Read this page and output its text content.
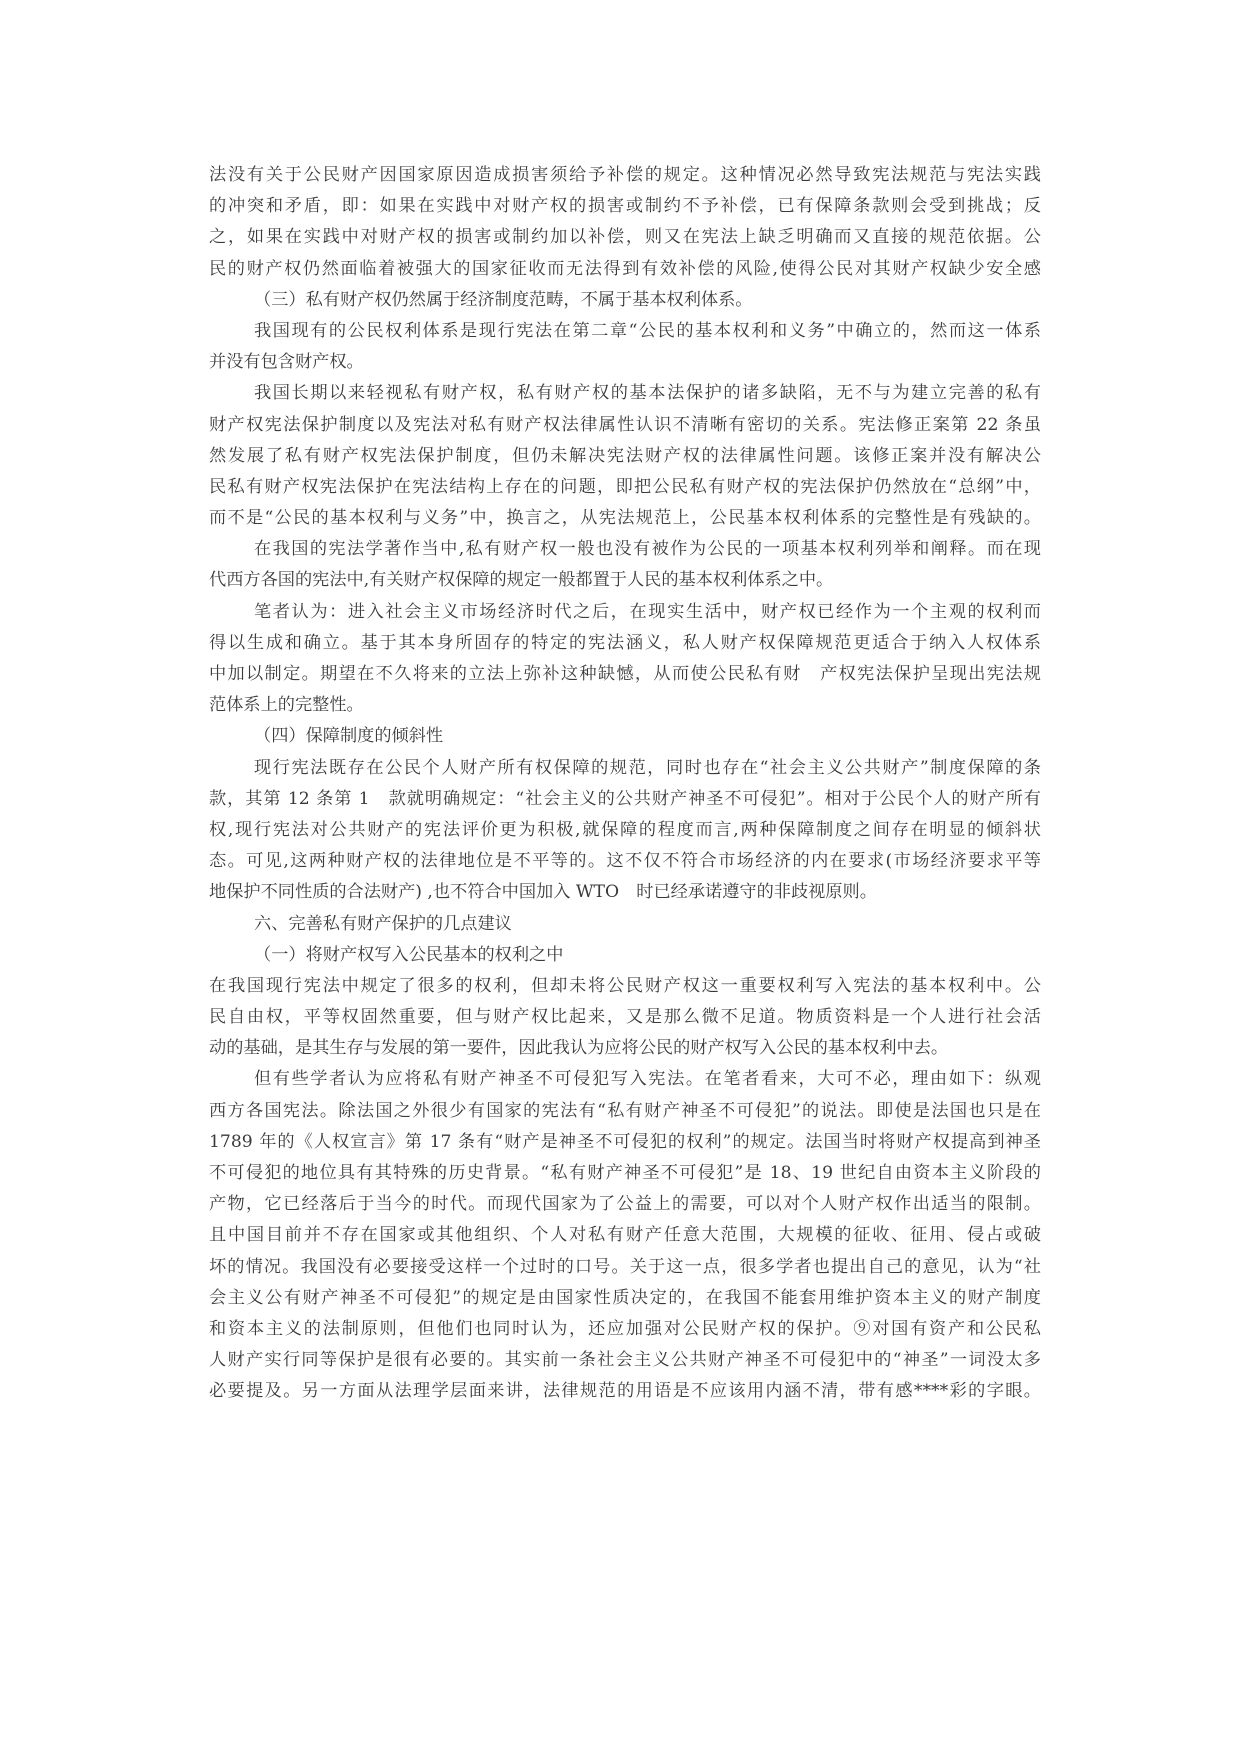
法没有关于公民财产因国家原因造成损害须给予补偿的规定。这种情况必然导致宪法规范与宪法实践
的冲突和矛盾，即：如果在实践中对财产权的损害或制约不予补偿，已有保障条款则会受到挑战；反
之，如果在实践中对财产权的损害或制约加以补偿，则又在宪法上缺乏明确而又直接的规范依据。公
民的财产权仍然面临着被强大的国家征收而无法得到有效补偿的风险,使得公民对其财产权缺少安全感
（三）私有财产权仍然属于经济制度范畴，不属于基本权利体系。
我国现有的公民权利体系是现行宪法在第二章“公民的基本权利和义务”中确立的，然而这一体系
并没有包含财产权。
我国长期以来轻视私有财产权，私有财产权的基本法保护的诸多缺陷，无不与为建立完善的私有
财产权宪法保护制度以及宪法对私有财产权法律属性认识不清晰有密切的关系。宪法修正案第 22 条虽
然发展了私有财产权宪法保护制度，但仍未解决宪法财产权的法律属性问题。该修正案并没有解决公
民私有财产权宪法保护在宪法结构上存在的问题，即把公民私有财产权的宪法保护仍然放在“总纲”中，
而不是“公民的基本权利与义务”中，换言之，从宪法规范上，公民基本权利体系的完整性是有残缺的。
在我国的宪法学著作当中,私有财产权一般也没有被作为公民的一项基本权利列举和阐释。而在现
代西方各国的宪法中,有关财产权保障的规定一般都置于人民的基本权利体系之中。
笔者认为：进入社会主义市场经济时代之后，在现实生活中，财产权已经作为一个主观的权利而
得以生成和确立。基于其本身所固存的特定的宪法涵义，私人财产权保障规范更适合于纳入人权体系
中加以制定。期望在不久将来的立法上弥补这种缺憾，从而使公民私有财　产权宪法保护呈现出宪法规
范体系上的完整性。
（四）保障制度的倾斜性
现行宪法既存在公民个人财产所有权保障的规范，同时也存在“社会主义公共财产”制度保障的条
款，其第 12 条第 1　款就明确规定：“社会主义的公共财产神圣不可侵犯”。相对于公民个人的财产所有
权,现行宪法对公共财产的宪法评价更为积极,就保障的程度而言,两种保障制度之间存在明显的倾斜状
态。可见,这两种财产权的法律地位是不平等的。这不仅不符合市场经济的内在要求(市场经济要求平等
地保护不同性质的合法财产) ,也不符合中国加入 WTO　时已经承诺遵守的非歧视原则。
六、完善私有财产保护的几点建议
（一）将财产权写入公民基本的权利之中
在我国现行宪法中规定了很多的权利，但却未将公民财产权这一重要权利写入宪法的基本权利中。公
民自由权，平等权固然重要，但与财产权比起来，又是那么微不足道。物质资料是一个人进行社会活
动的基础，是其生存与发展的第一要件，因此我认为应将公民的财产权写入公民的基本权利中去。
但有些学者认为应将私有财产神圣不可侵犯写入宪法。在笔者看来，大可不必，理由如下：纵观
西方各国宪法。除法国之外很少有国家的宪法有“私有财产神圣不可侵犯”的说法。即使是法国也只是在
1789 年的《人权宣言》第 17 条有“财产是神圣不可侵犯的权利”的规定。法国当时将财产权提高到神圣
不可侵犯的地位具有其特殊的历史背景。“私有财产神圣不可侵犯”是 18、19 世纪自由资本主义阶段的
产物，它已经落后于当今的时代。而现代国家为了公益上的需要，可以对个人财产权作出适当的限制。
且中国目前并不存在国家或其他组织、个人对私有财产任意大范围，大规模的征收、征用、侵占或破
坏的情况。我国没有必要接受这样一个过时的口号。关于这一点，很多学者也提出自己的意见，认为“社
会主义公有财产神圣不可侵犯”的规定是由国家性质决定的，在我国不能套用维护资本主义的财产制度
和资本主义的法制原则，但他们也同时认为，还应加强对公民财产权的保护。⑨对国有资产和公民私
人财产实行同等保护是很有必要的。其实前一条社会主义公共财产神圣不可侵犯中的“神圣”一词没太多
必要提及。另一方面从法理学层面来讲，法律规范的用语是不应该用内涵不清，带有感****彩的字眼。
